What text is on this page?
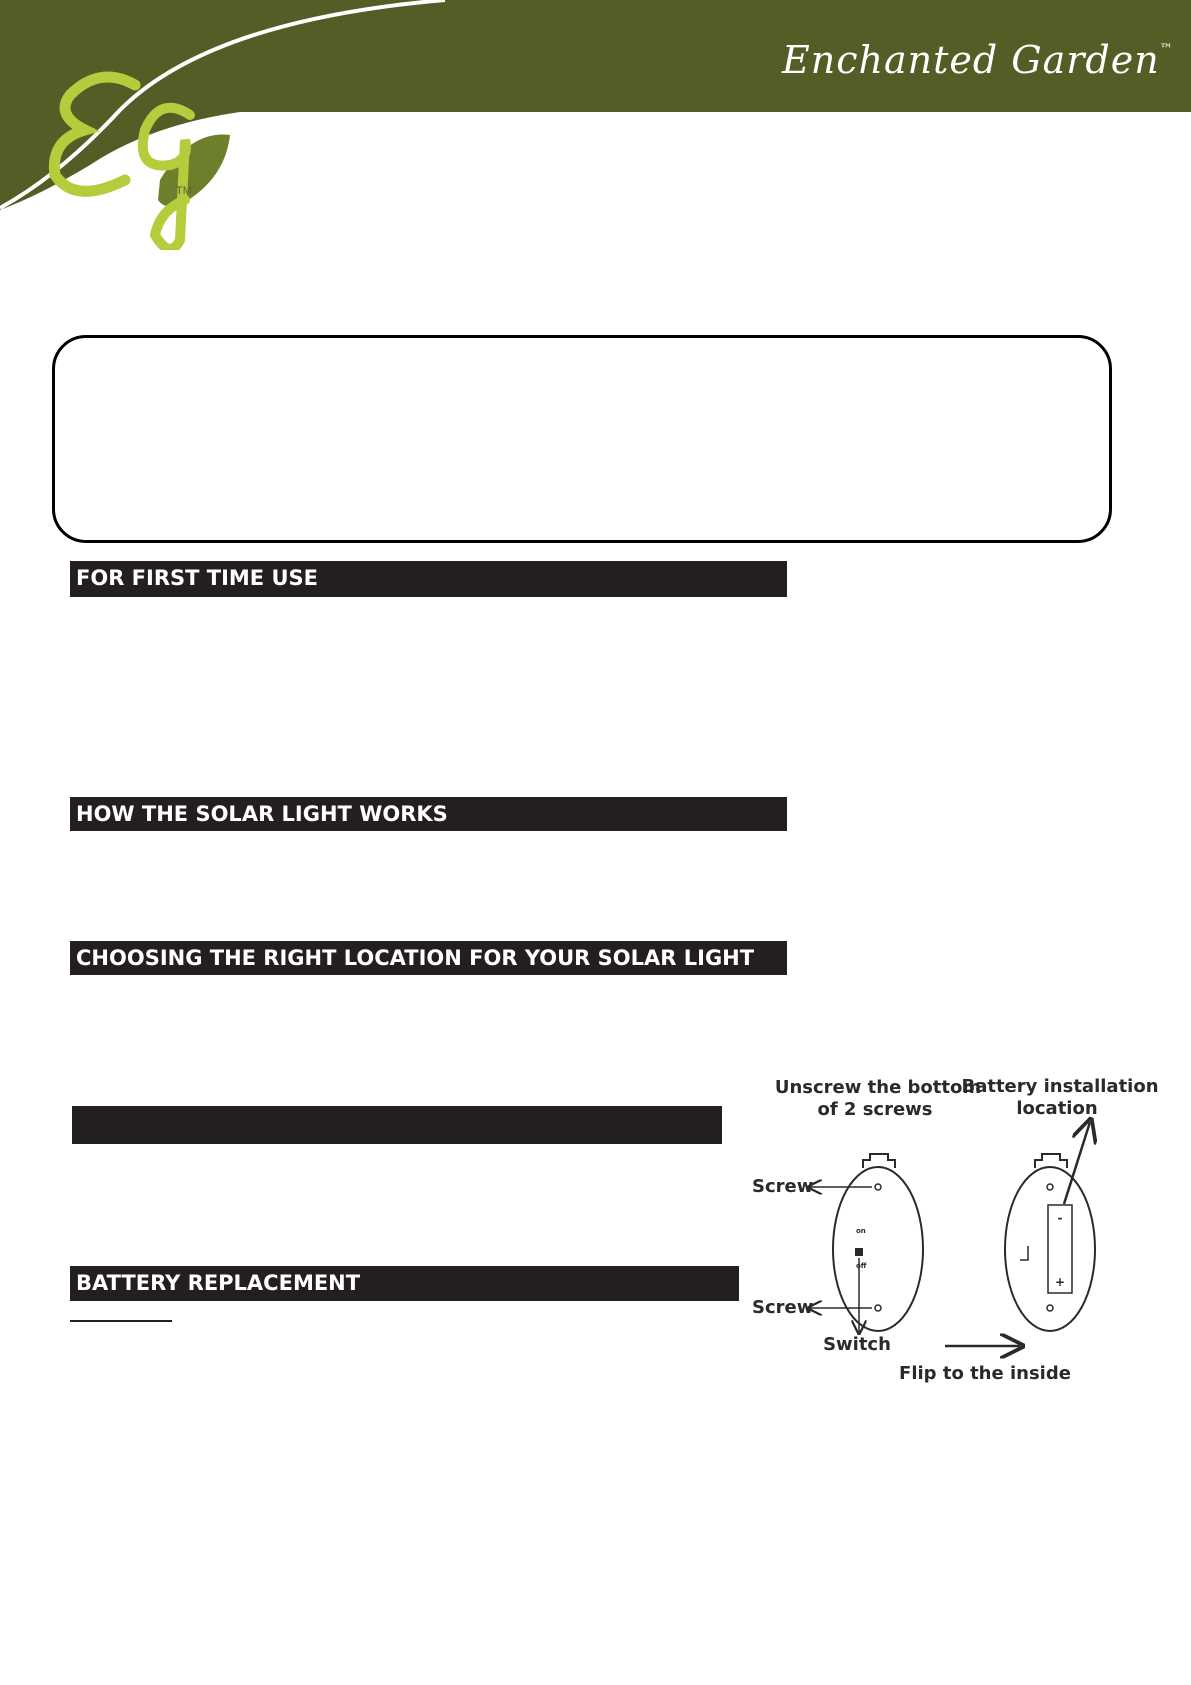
Enchanted Garden™
TM
FOR FIRST TIME USE
HOW THE SOLAR LIGHT WORKS
CHOOSING THE RIGHT LOCATION FOR YOUR SOLAR LIGHT
BATTERY REPLACEMENT
Unscrew the bottom
of 2 screws
Battery installation
location
on
off
Screw
Screw
Switch
-
+
Flip to the inside
